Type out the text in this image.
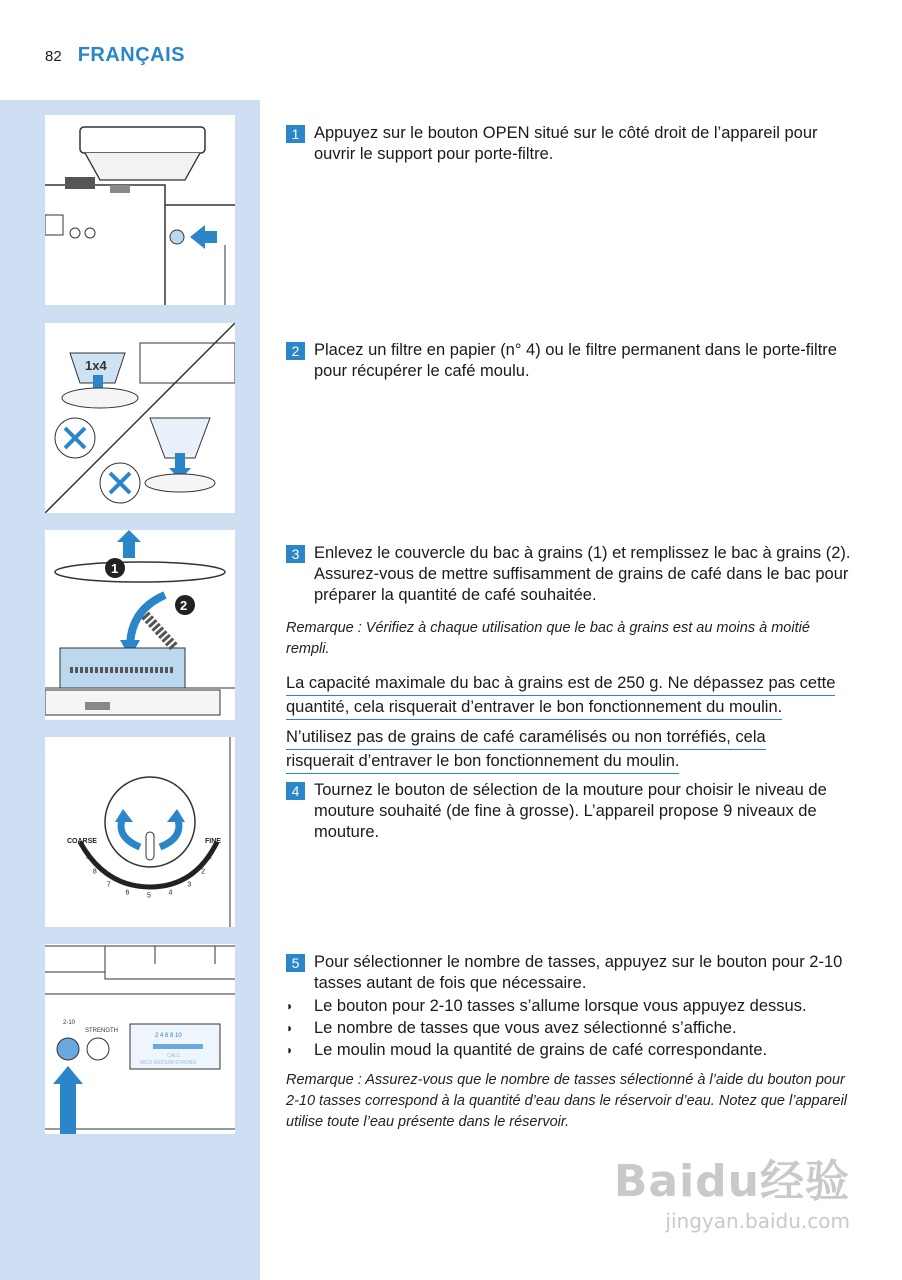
82 FRANÇAIS
1x4
1
2
COARSE	FINE
9
8
7
6	5	4
3
2
1
2-10
STRENGTH
2 4 6 8 10
CALC
MILD MEDIUM STRONG
1 Appuyez sur le bouton OPEN situé sur le côté droit de l’appareil pour ouvrir le support pour porte-filtre.
2 Placez un filtre en papier (n° 4) ou le filtre permanent dans le porte-filtre pour récupérer le café moulu.
3 Enlevez le couvercle du bac à grains (1) et remplissez le bac à grains (2). Assurez-vous de mettre suffisamment de grains de café dans le bac pour préparer la quantité de café souhaitée.
Remarque : Vérifiez à chaque utilisation que le bac à grains est au moins à moitié rempli.
La capacité maximale du bac à grains est de 250 g. Ne dépassez pas cette
quantité, cela risquerait d’entraver le bon fonctionnement du moulin.
N’utilisez pas de grains de café caramélisés ou non torréfiés, cela
risquerait d’entraver le bon fonctionnement du moulin.
4 Tournez le bouton de sélection de la mouture pour choisir le niveau de mouture souhaité (de fine à grosse). L’appareil propose 9 niveaux de mouture.
5 Pour sélectionner le nombre de tasses, appuyez sur le bouton pour 2-10 tasses autant de fois que nécessaire.
◗	Le bouton pour 2-10 tasses s’allume lorsque vous appuyez dessus.
◗	Le nombre de tasses que vous avez sélectionné s’affiche.
◗	Le moulin moud la quantité de grains de café correspondante.
Remarque : Assurez-vous que le nombre de tasses sélectionné à l’aide du bouton pour 2-10 tasses correspond à la quantité d’eau dans le réservoir d’eau. Notez que l’appareil utilise toute l’eau présente dans le réservoir.
Baidu经验
jingyan.baidu.com
